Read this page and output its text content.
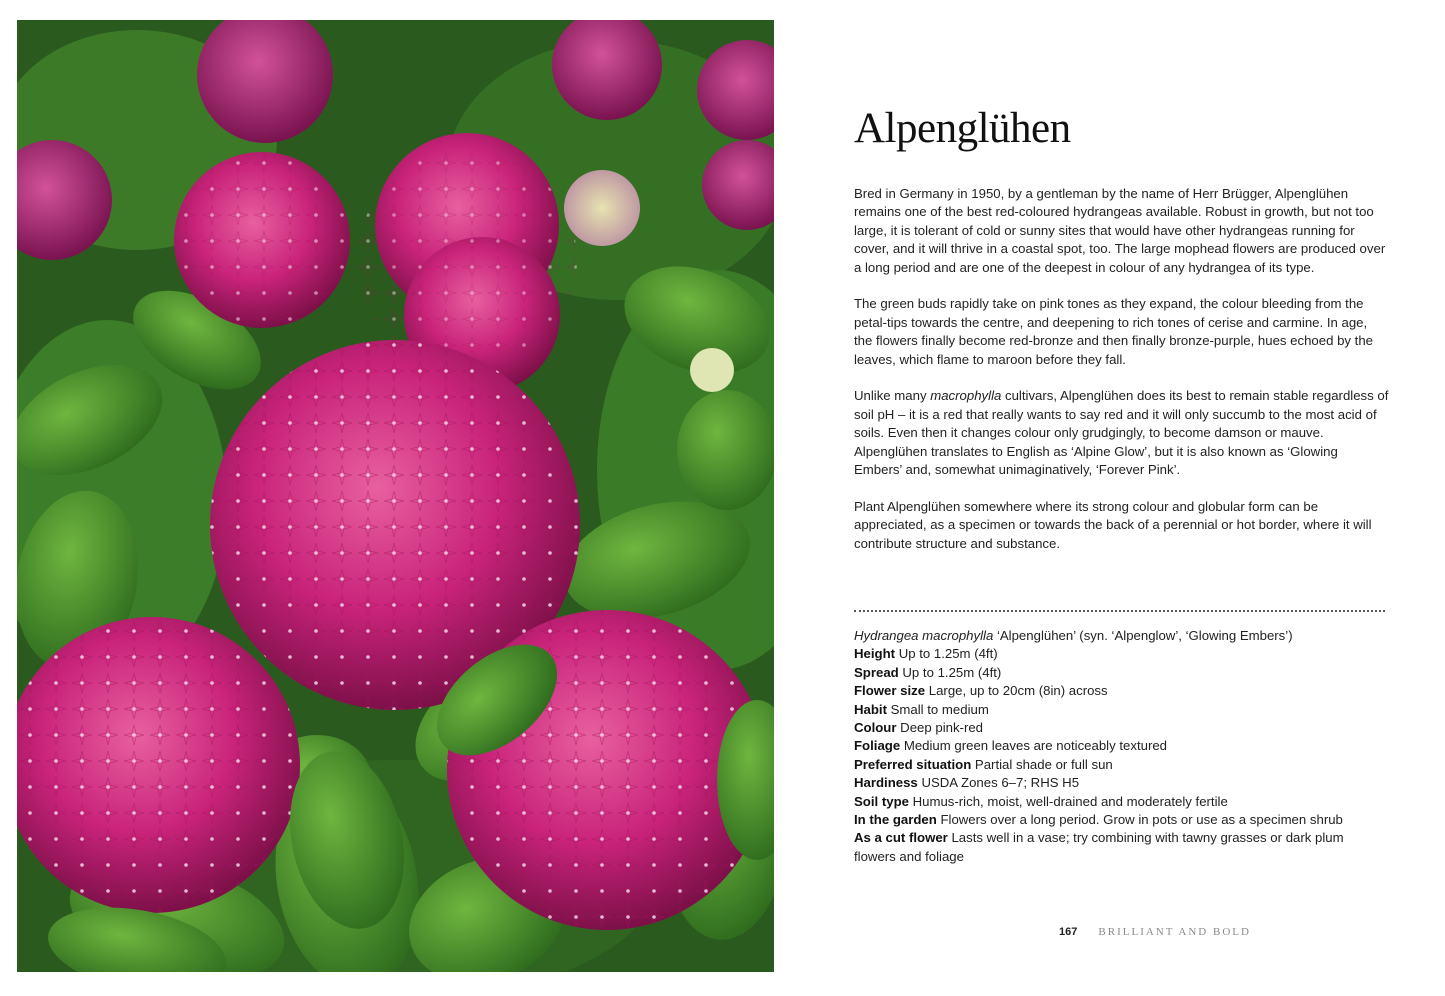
Alpenglühen

Bred in Germany in 1950, by a gentleman by the name of Herr Brügger, Alpenglühen remains one of the best red-coloured hydrangeas available. Robust in growth, but not too large, it is tolerant of cold or sunny sites that would have other hydrangeas running for cover, and it will thrive in a coastal spot, too. The large mophead flowers are produced over a long period and are one of the deepest in colour of any hydrangea of its type.

The green buds rapidly take on pink tones as they expand, the colour bleeding from the petal-tips towards the centre, and deepening to rich tones of cerise and carmine. In age, the flowers finally become red-bronze and then finally bronze-purple, hues echoed by the leaves, which flame to maroon before they fall.

Unlike many macrophylla cultivars, Alpenglühen does its best to remain stable regardless of soil pH – it is a red that really wants to say red and it will only succumb to the most acid of soils. Even then it changes colour only grudgingly, to become damson or mauve. Alpenglühen translates to English as ‘Alpine Glow’, but it is also known as ‘Glowing Embers’ and, somewhat unimaginatively, ‘Forever Pink’.

Plant Alpenglühen somewhere where its strong colour and globular form can be appreciated, as a specimen or towards the back of a perennial or hot border, where it will contribute structure and substance.

Hydrangea macrophylla ‘Alpenglühen’ (syn. ‘Alpenglow’, ‘Glowing Embers’)
Height Up to 1.25m (4ft)
Spread Up to 1.25m (4ft)
Flower size Large, up to 20cm (8in) across
Habit Small to medium
Colour Deep pink-red
Foliage Medium green leaves are noticeably textured
Preferred situation Partial shade or full sun
Hardiness USDA Zones 6–7; RHS H5
Soil type Humus-rich, moist, well-drained and moderately fertile
In the garden Flowers over a long period. Grow in pots or use as a specimen shrub
As a cut flower Lasts well in a vase; try combining with tawny grasses or dark plum flowers and foliage
167 BRILLIANT AND BOLD
